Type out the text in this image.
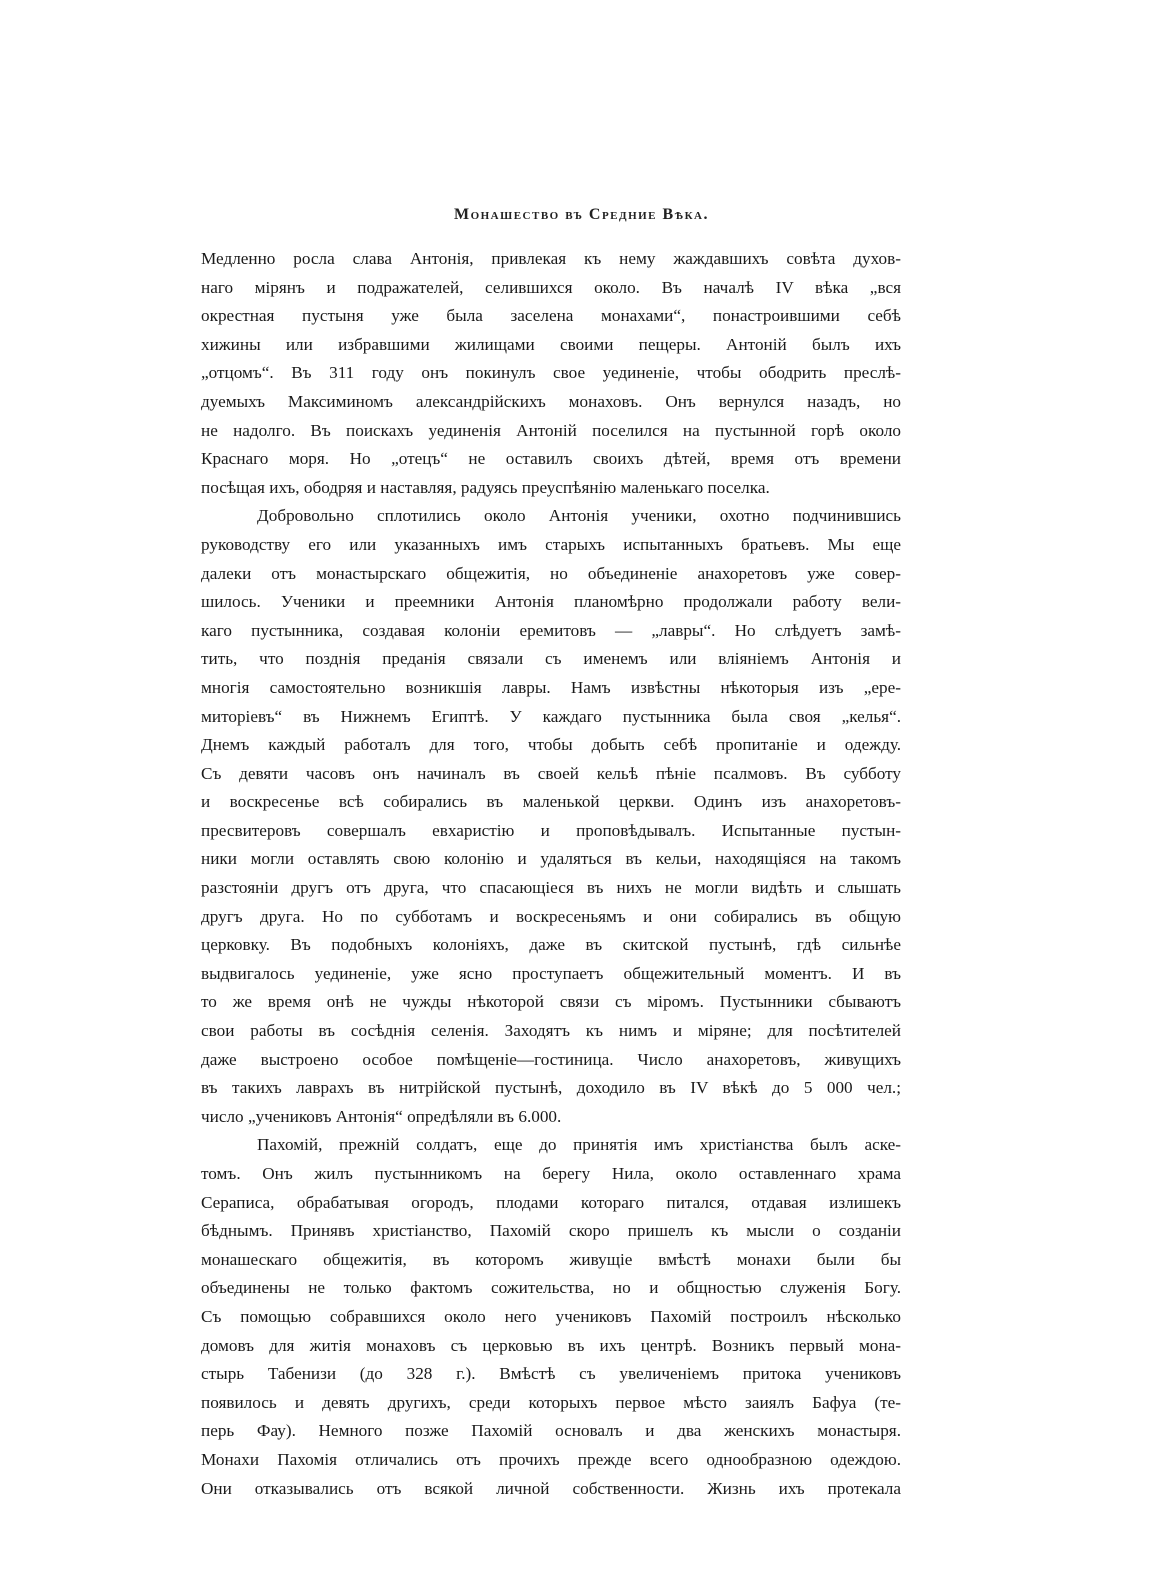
Монашество въ Средние Вѣка.
Медленно росла слава Антонія, привлекая къ нему жаждавшихъ совѣта духов-
наго мірянъ и подражателей, селившихся около. Въ началѣ IV вѣка „вся
окрестная пустыня уже была заселена монахами“, понастроившими себѣ
хижины или избравшими жилищами своими пещеры. Антоній былъ ихъ
„отцомъ“. Въ 311 году онъ покинулъ свое уединеніе, чтобы ободрить преслѣ-
дуемыхъ Максиминомъ александрійскихъ монаховъ. Онъ вернулся назадъ, но
не надолго. Въ поискахъ уединенія Антоній поселился на пустынной горѣ около
Краснаго моря. Но „отецъ“ не оставилъ своихъ дѣтей, время отъ времени
посѣщая ихъ, ободряя и наставляя, радуясь преуспѣянію маленькаго поселка.
Добровольно сплотились около Антонія ученики, охотно подчинившись
руководству его или указанныхъ имъ старыхъ испытанныхъ братьевъ. Мы еще
далеки отъ монастырскаго общежитія, но объединеніе анахоретовъ уже совер-
шилось. Ученики и преемники Антонія планомѣрно продолжали работу вели-
каго пустынника, создавая колоніи еремитовъ — „лавры“. Но слѣдуетъ замѣ-
тить, что позднія преданія связали съ именемъ или вліяніемъ Антонія и
многія самостоятельно возникшія лавры. Намъ извѣстны нѣкоторыя изъ „ере-
миторіевъ“ въ Нижнемъ Египтѣ. У каждаго пустынника была своя „келья“.
Днемъ каждый работалъ для того, чтобы добыть себѣ пропитаніе и одежду.
Съ девяти часовъ онъ начиналъ въ своей кельѣ пѣніе псалмовъ. Въ субботу
и воскресенье всѣ собирались въ маленькой церкви. Одинъ изъ анахоретовъ-
пресвитеровъ совершалъ евхаристію и проповѣдывалъ. Испытанные пустын-
ники могли оставлять свою колонію и удаляться въ кельи, находящіяся на такомъ
разстояніи другъ отъ друга, что спасающіеся въ нихъ не могли видѣть и слышать
другъ друга. Но по субботамъ и воскресеньямъ и они собирались въ общую
церковку. Въ подобныхъ колоніяхъ, даже въ скитской пустынѣ, гдѣ сильнѣе
выдвигалось уединеніе, уже ясно проступаетъ общежительный моментъ. И въ
то же время онѣ не чужды нѣкоторой связи съ міромъ. Пустынники сбываютъ
свои работы въ сосѣднія селенія. Заходятъ къ нимъ и міряне; для посѣтителей
даже выстроено особое помѣщеніе—гостиница. Число анахоретовъ, живущихъ
въ такихъ лаврахъ въ нитрійской пустынѣ, доходило въ IV вѣкѣ до 5 000 чел.;
число „учениковъ Антонія“ опредѣляли въ 6.000.
Пахомій, прежній солдатъ, еще до принятія имъ христіанства былъ аске-
томъ. Онъ жилъ пустынникомъ на берегу Нила, около оставленнаго храма
Сераписа, обрабатывая огородъ, плодами котораго питался, отдавая излишекъ
бѣднымъ. Принявъ христіанство, Пахомій скоро пришелъ къ мысли о созданіи
монашескаго общежитія, въ которомъ живущіе вмѣстѣ монахи были бы
объединены не только фактомъ сожительства, но и общностью служенія Богу.
Съ помощью собравшихся около него учениковъ Пахомій построилъ нѣсколько
домовъ для житія монаховъ съ церковью въ ихъ центрѣ. Возникъ первый мона-
стырь Табенизи (до 328 г.). Вмѣстѣ съ увеличеніемъ притока учениковъ
появилось и девять другихъ, среди которыхъ первое мѣсто заиялъ Бафуа (те-
перь Фау). Немного позже Пахомій основалъ и два женскихъ монастыря.
Монахи Пахомія отличались отъ прочихъ прежде всего однообразною одеждою.
Они отказывались отъ всякой личной собственности. Жизнь ихъ протекала
